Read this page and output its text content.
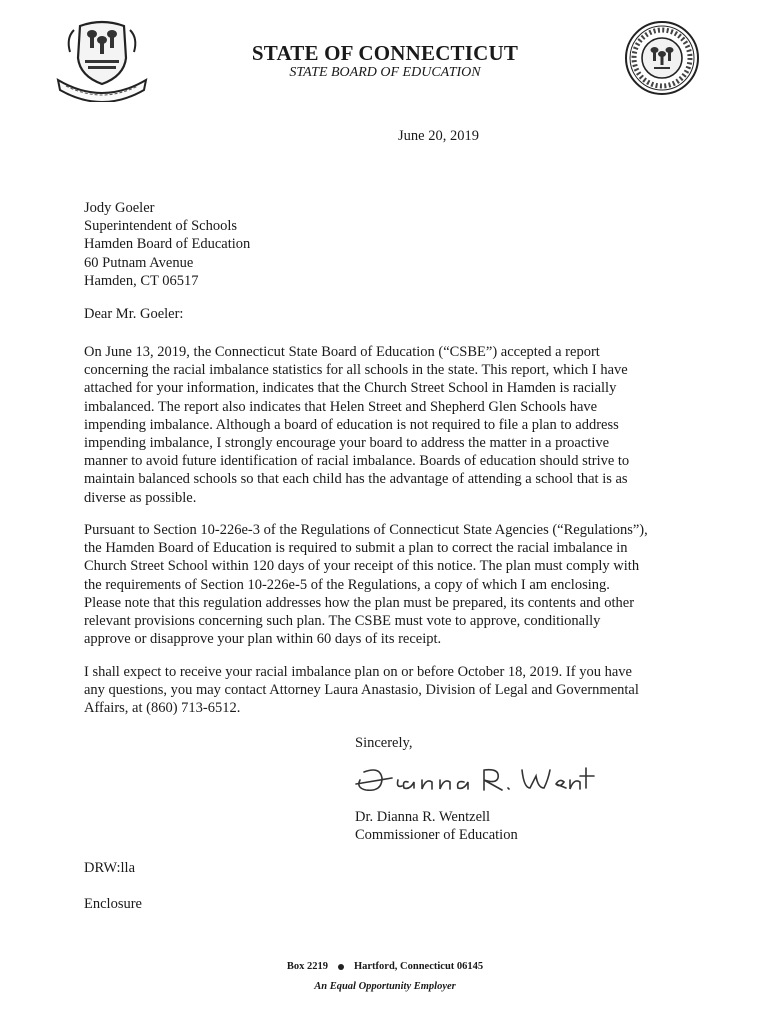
STATE OF CONNECTICUT
STATE BOARD OF EDUCATION
June 20, 2019
Jody Goeler
Superintendent of Schools
Hamden Board of Education
60 Putnam Avenue
Hamden, CT 06517
Dear Mr. Goeler:
On June 13, 2019, the Connecticut State Board of Education (“CSBE”) accepted a report
concerning the racial imbalance statistics for all schools in the state. This report, which I have
attached for your information, indicates that the Church Street School in Hamden is racially
imbalanced. The report also indicates that Helen Street and Shepherd Glen Schools have
impending imbalance. Although a board of education is not required to file a plan to address
impending imbalance, I strongly encourage your board to address the matter in a proactive
manner to avoid future identification of racial imbalance. Boards of education should strive to
maintain balanced schools so that each child has the advantage of attending a school that is as
diverse as possible.
Pursuant to Section 10-226e-3 of the Regulations of Connecticut State Agencies (“Regulations”),
the Hamden Board of Education is required to submit a plan to correct the racial imbalance in
Church Street School within 120 days of your receipt of this notice. The plan must comply with
the requirements of Section 10-226e-5 of the Regulations, a copy of which I am enclosing.
Please note that this regulation addresses how the plan must be prepared, its contents and other
relevant provisions concerning such plan. The CSBE must vote to approve, conditionally
approve or disapprove your plan within 60 days of its receipt.
I shall expect to receive your racial imbalance plan on or before October 18, 2019. If you have
any questions, you may contact Attorney Laura Anastasio, Division of Legal and Governmental
Affairs, at (860) 713-6512.
Sincerely,
Dr. Dianna R. Wentzell
Commissioner of Education
DRW:lla
Enclosure
Box 2219 Hartford, Connecticut 06145
An Equal Opportunity Employer
